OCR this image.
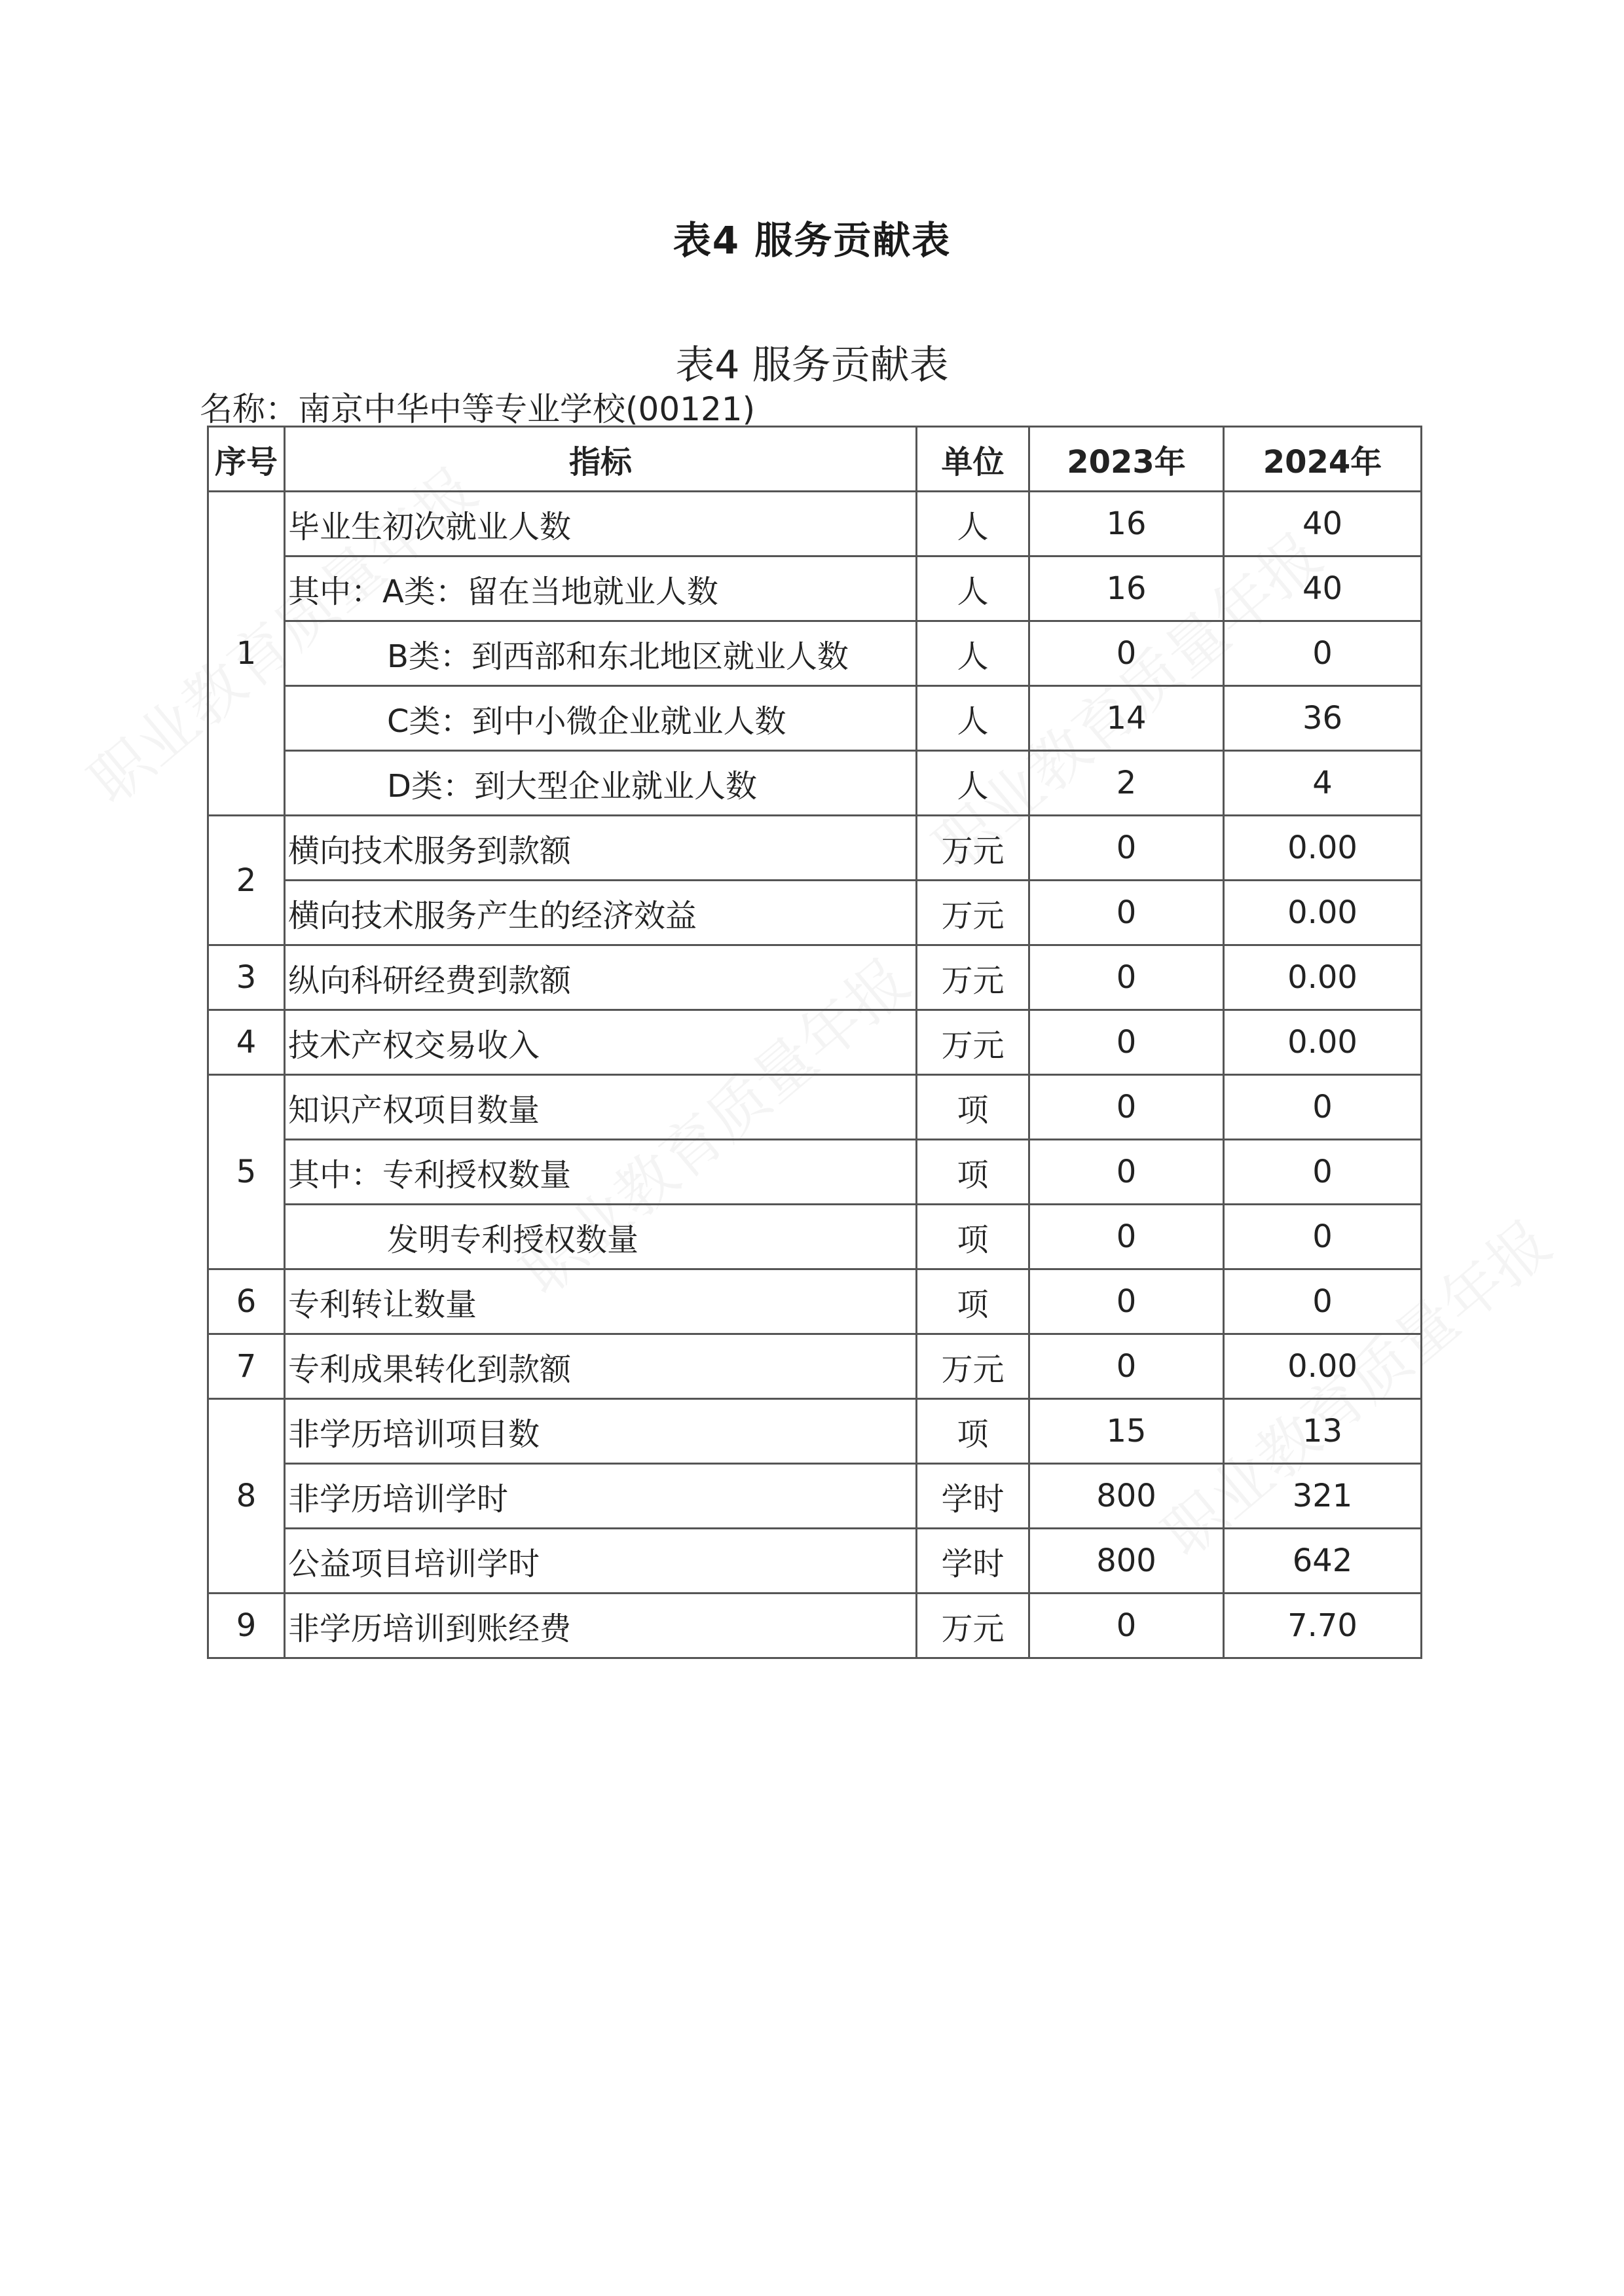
表4 服务贡献表
表4 服务贡献表
名称：南京中华中等专业学校(00121)
序号	指标	单位	2023年	2024年
1	毕业生初次就业人数	人	16	40
	其中：A类：留在当地就业人数	人	16	40
	B类：到西部和东北地区就业人数	人	0	0
	C类：到中小微企业就业人数	人	14	36
	D类：到大型企业就业人数	人	2	4
2	横向技术服务到款额	万元	0	0.00
	横向技术服务产生的经济效益	万元	0	0.00
3	纵向科研经费到款额	万元	0	0.00
4	技术产权交易收入	万元	0	0.00
5	知识产权项目数量	项	0	0
	其中：专利授权数量	项	0	0
	发明专利授权数量	项	0	0
6	专利转让数量	项	0	0
7	专利成果转化到款额	万元	0	0.00
8	非学历培训项目数	项	15	13
	非学历培训学时	学时	800	321
	公益项目培训学时	学时	800	642
9	非学历培训到账经费	万元	0	7.70
